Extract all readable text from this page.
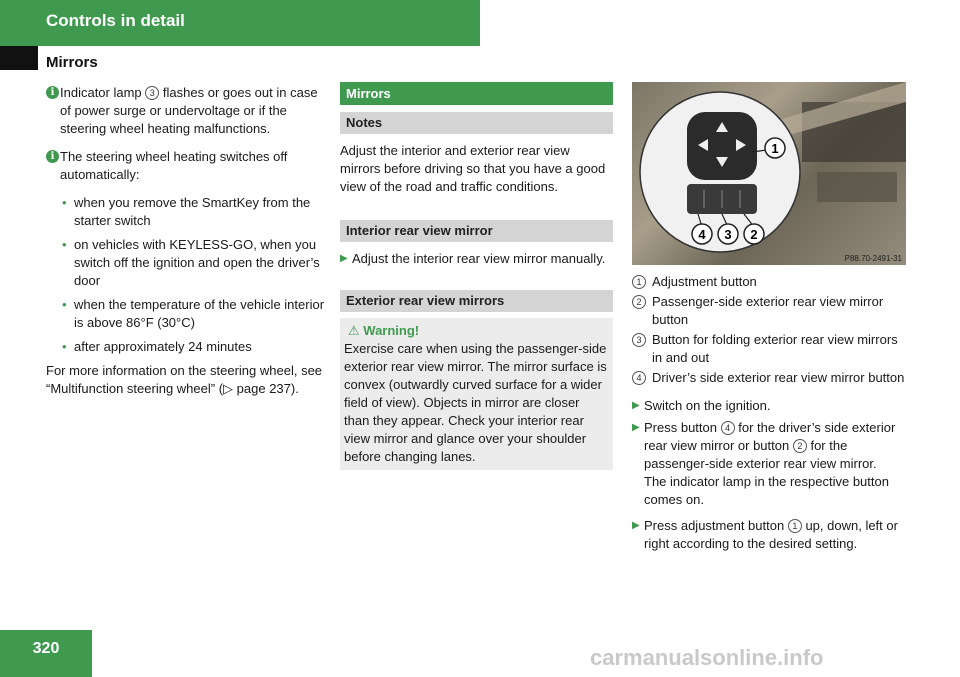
Controls in detail
Mirrors
i Indicator lamp 3 flashes or goes out in case of power surge or undervoltage or if the steering wheel heating malfunctions.
i The steering wheel heating switches off automatically:
• when you remove the SmartKey from the starter switch
• on vehicles with KEYLESS-GO, when you switch off the ignition and open the driver’s door
• when the temperature of the vehicle interior is above 86°F (30°C)
• after approximately 24 minutes

For more information on the steering wheel, see “Multifunction steering wheel” (▷ page 237).

Mirrors
Notes

Adjust the interior and exterior rear view mirrors before driving so that you have a good view of the road and traffic conditions.

Interior rear view mirror
▶ Adjust the interior rear view mirror manually.
Exterior rear view mirrors
⚠ Warning!

Exercise care when using the passenger-side exterior rear view mirror. The mirror surface is convex (outwardly curved surface for a wider field of view). Objects in mirror are closer than they appear. Check your interior rear view mirror and glance over your shoulder before changing lanes.

1
4 3 2
P88.70-2491-31
1 Adjustment button
2 Passenger-side exterior rear view mirror button
3 Button for folding exterior rear view mirrors in and out
4 Driver’s side exterior rear view mirror button
▶ Switch on the ignition.
▶ Press button 4 for the driver’s side exterior rear view mirror or button 2 for the passenger-side exterior rear view mirror.
The indicator lamp in the respective button comes on.
▶ Press adjustment button 1 up, down, left or right according to the desired setting.
320	carmanualsonline.info
